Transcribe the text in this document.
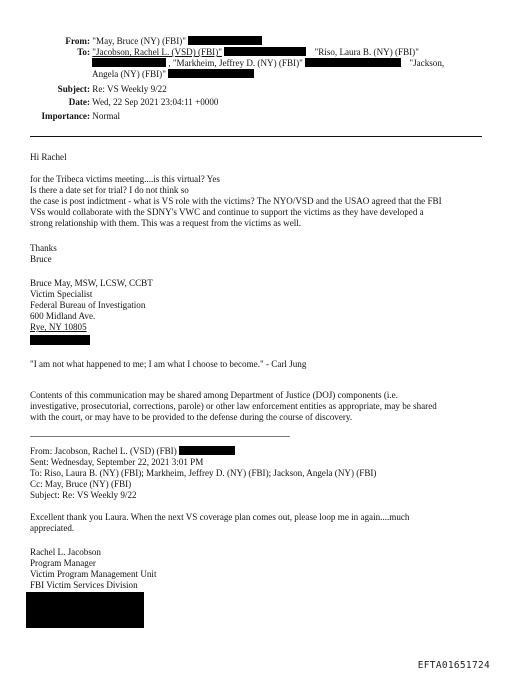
From: "May, Bruce (NY) (FBI)"
To: "Jacobson, Rachel L. (VSD) (FBI)"	"Riso, Laura B. (NY) (FBI)"
, "Markheim, Jeffrey D. (NY) (FBI)"	"Jackson,
Angela (NY) (FBI)"
Subject: Re: VS Weekly 9/22
Date: Wed, 22 Sep 2021 23:04:11 +0000
Importance: Normal
Hi Rachel
for the Tribeca victims meeting....is this virtual? Yes
Is there a date set for trial? I do not think so
the case is post indictment - what is VS role with the victims? The NYO/VSD and the USAO agreed that the FBI
VSs would collaborate with the SDNY's VWC and continue to support the victims as they have developed a
strong relationship with them. This was a request from the victims as well.
Thanks
Bruce
Bruce May, MSW, LCSW, CCBT
Victim Specialist
Federal Bureau of Investigation
600 Midland Ave.
Rye, NY 10805
"I am not what happened to me; I am what I choose to become." - Carl Jung
Contents of this communication may be shared among Department of Justice (DOJ) components (i.e.
investigative, prosecutorial, corrections, parole) or other law enforcement entities as appropriate, may be shared
with the court, or may have to be provided to the defense during the course of discovery.
From: Jacobson, Rachel L. (VSD) (FBI)
Sent: Wednesday, September 22, 2021 3:01 PM
To: Riso, Laura B. (NY) (FBI); Markheim, Jeffrey D. (NY) (FBI); Jackson, Angela (NY) (FBI)
Cc: May, Bruce (NY) (FBI)
Subject: Re: VS Weekly 9/22
Excellent thank you Laura. When the next VS coverage plan comes out, please loop me in again....much
appreciated.
Rachel L. Jacobson
Program Manager
Victim Program Management Unit
FBI Victim Services Division
EFTA01651724
